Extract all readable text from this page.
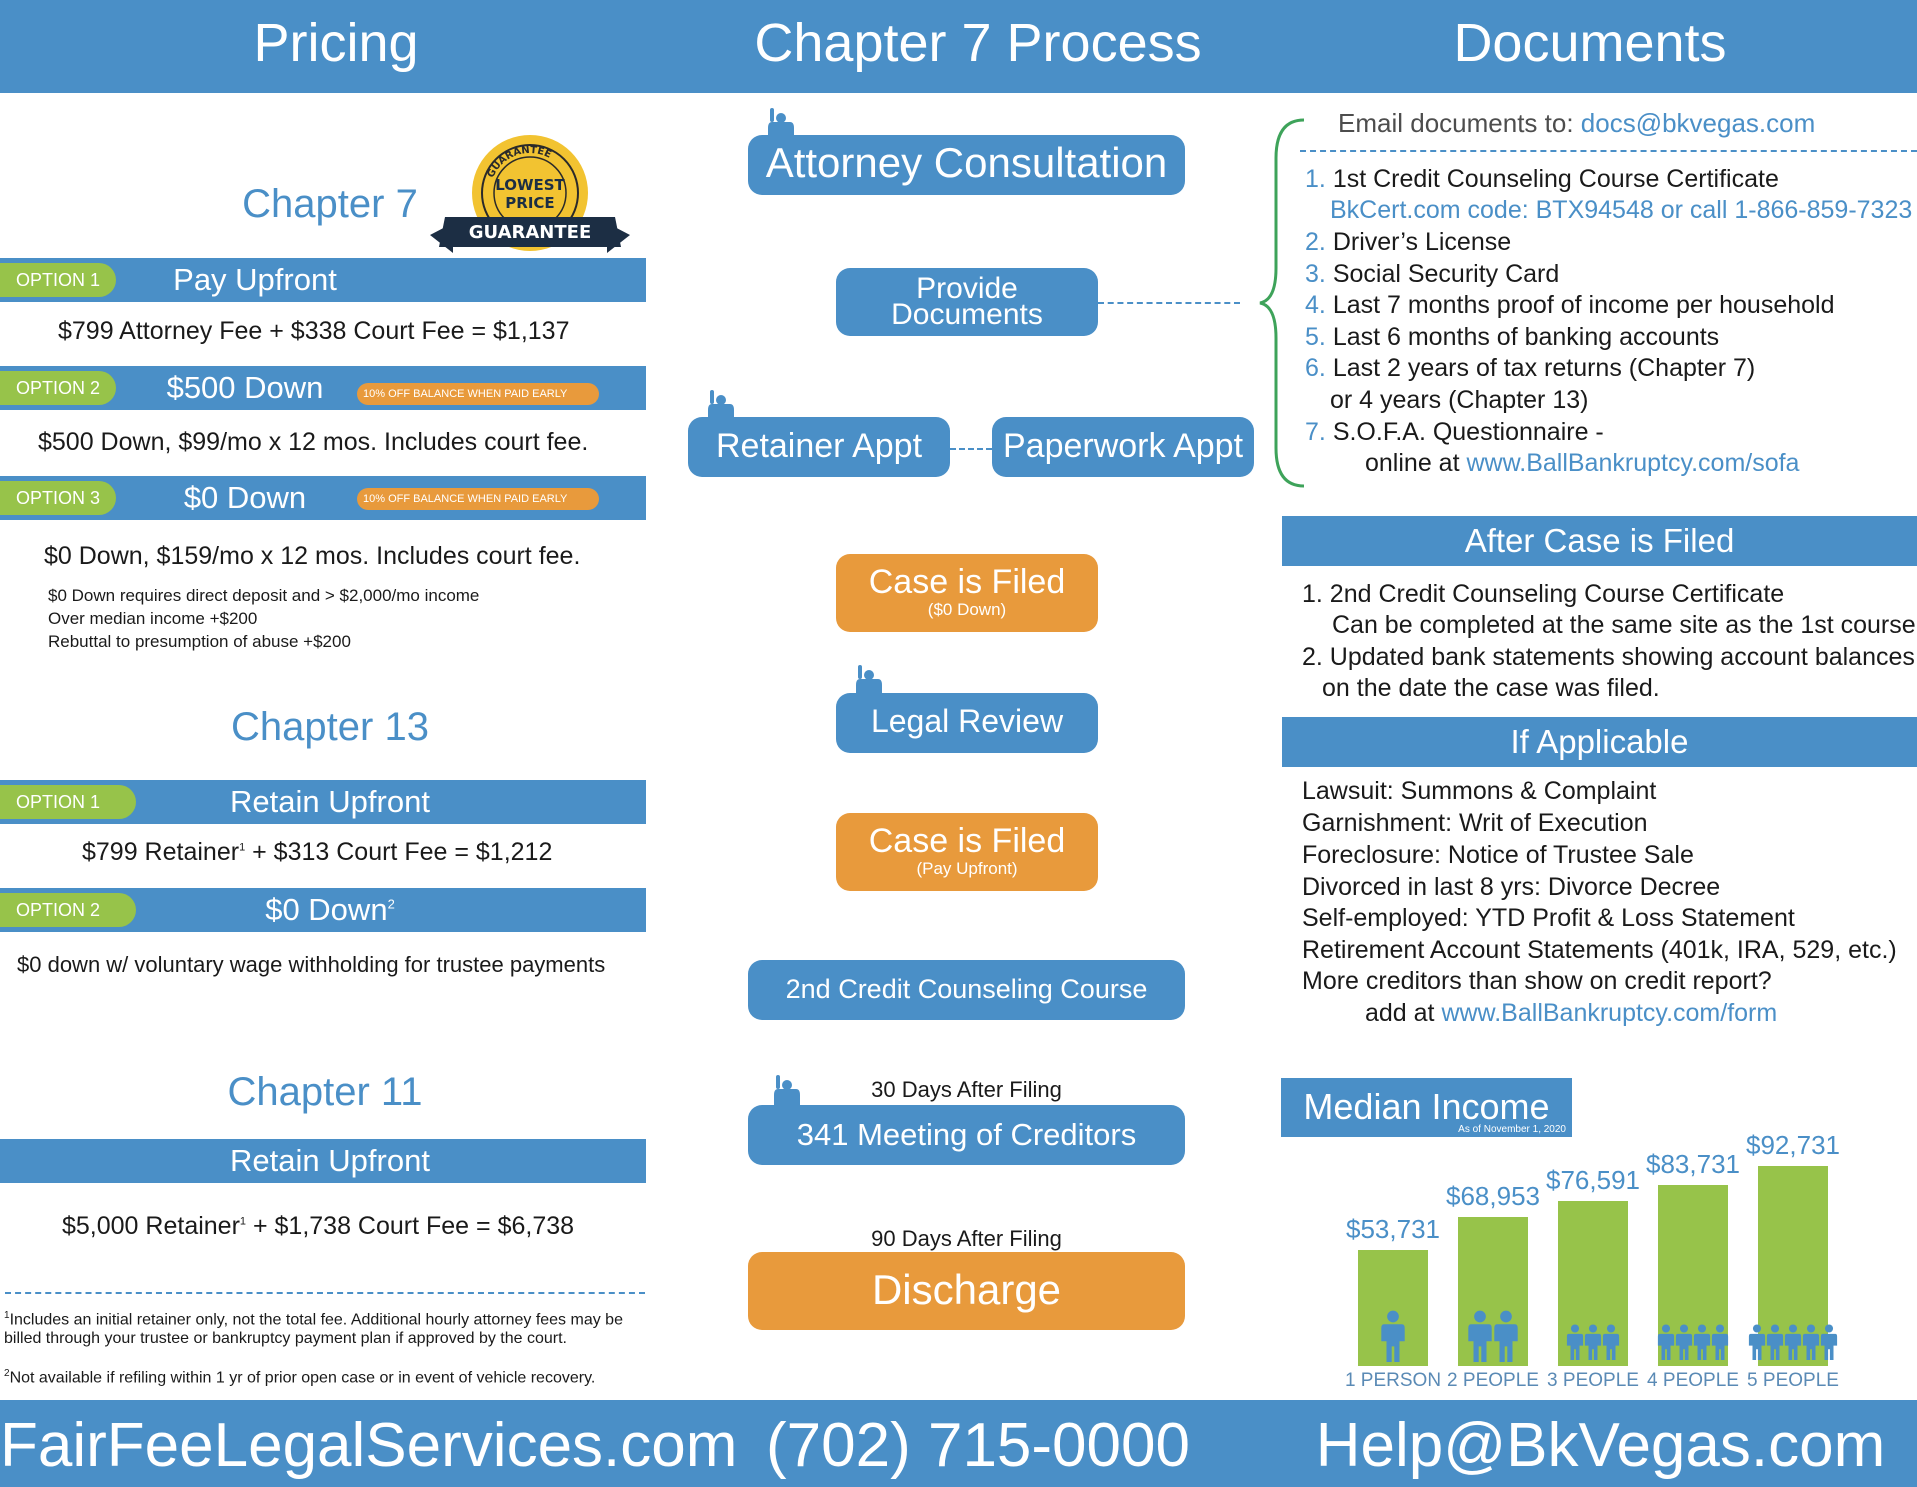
Pricing	Chapter 7 Process	Documents
Chapter 7
GUARANTEE
LOWEST
PRICE
GUARANTEE
OPTION 1	Pay Upfront
$799 Attorney Fee + $338 Court Fee = $1,137
OPTION 2	$500 Down	10% OFF BALANCE WHEN PAID EARLY
$500 Down, $99/mo x 12 mos. Includes court fee.
OPTION 3	$0 Down	10% OFF BALANCE WHEN PAID EARLY
$0 Down, $159/mo x 12 mos. Includes court fee.
$0 Down requires direct deposit and > $2,000/mo income
Over median income +$200
Rebuttal to presumption of abuse +$200
Chapter 13
OPTION 1	Retain Upfront
$799 Retainer$^1$ + $313 Court Fee = $1,212
OPTION 2	$0 Down$^2$
$0 down w/ voluntary wage withholding for trustee payments
Chapter 11
Retain Upfront
$5,000 Retainer$^1$ + $1,738 Court Fee = $6,738
$^1$Includes an initial retainer only, not the total fee. Additional hourly attorney fees may be billed through your trustee or bankruptcy payment plan if approved by the court.
$^2$Not available if refiling within 1 yr of prior open case or in event of vehicle recovery.
Attorney Consultation
Provide Documents
Retainer Appt	Paperwork Appt
Case is Filed
($0 Down)
Legal Review
Case is Filed
(Pay Upfront)
2nd Credit Counseling Course
30 Days After Filing
341 Meeting of Creditors
90 Days After Filing
Discharge
Email documents to: docs@bkvegas.com
1. 1st Credit Counseling Course Certificate
BkCert.com code: BTX94548 or call 1-866-859-7323
2. Driver’s License
3. Social Security Card
4. Last 7 months proof of income per household
5. Last 6 months of banking accounts
6. Last 2 years of tax returns (Chapter 7)
or 4 years (Chapter 13)
7. S.O.F.A. Questionnaire -
online at www.BallBankruptcy.com/sofa
After Case is Filed
1. 2nd Credit Counseling Course Certificate
Can be completed at the same site as the 1st course
2. Updated bank statements showing account balances
on the date the case was filed.
If Applicable
Lawsuit: Summons & Complaint
Garnishment: Writ of Execution
Foreclosure: Notice of Trustee Sale
Divorced in last 8 yrs: Divorce Decree
Self-employed: YTD Profit & Loss Statement
Retirement Account Statements (401k, IRA, 529, etc.)
More creditors than show on credit report?
add at www.BallBankruptcy.com/form
Median Income
As of November 1, 2020
$53,731
1 PERSON
$68,953
2 PEOPLE
$76,591
3 PEOPLE
$83,731
4 PEOPLE
$92,731
5 PEOPLE
FairFeeLegalServices.com (702) 715-0000	Help@BkVegas.com
